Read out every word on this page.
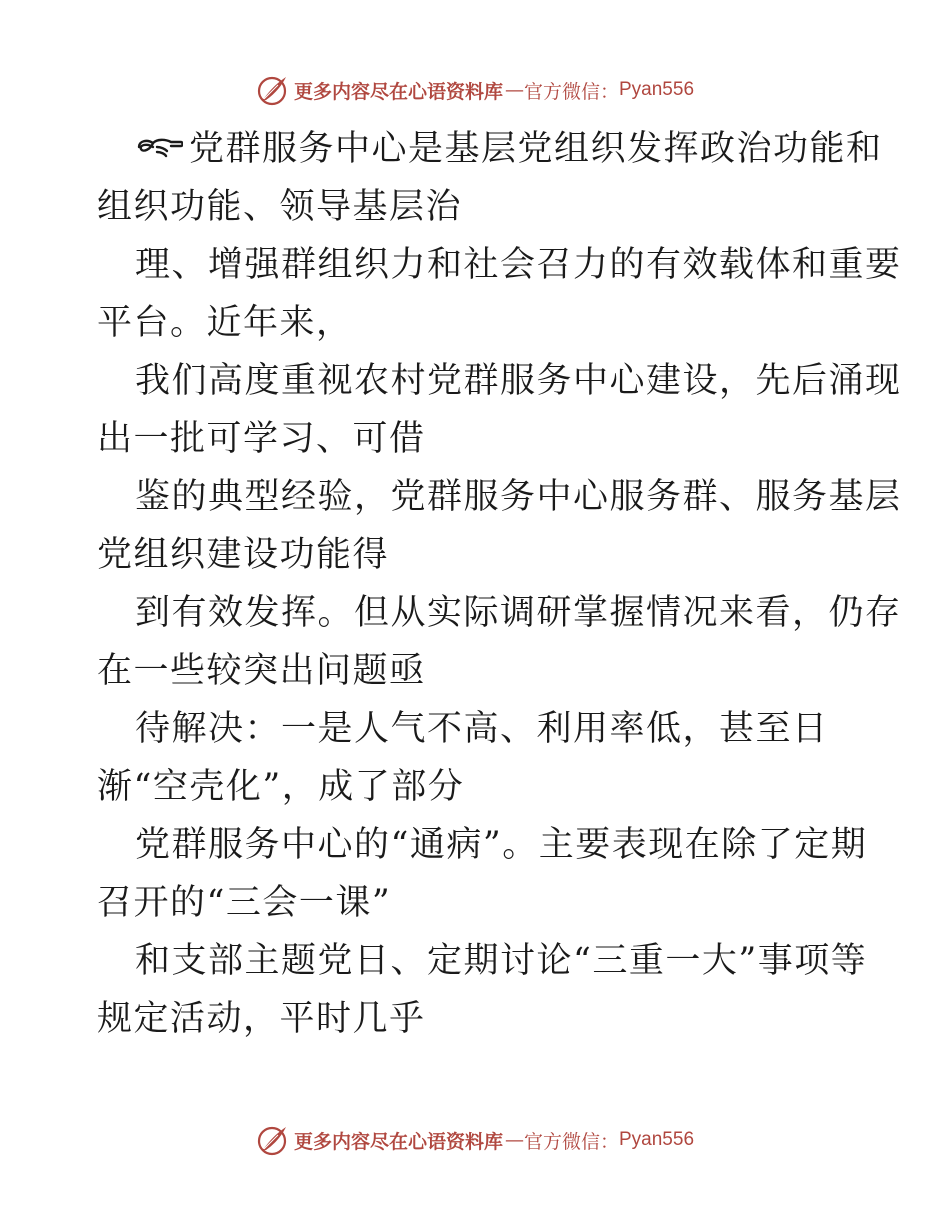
更多内容尽在心语资料库 — 官方微信： Pyan556
党群服务中心是基层党组织发挥政治功能和
组织功能、领导基层治
理、增强群组织力和社会召力的有效载体和重要
平台。近年来，
我们高度重视农村党群服务中心建设，先后涌现
出一批可学习、可借
鉴的典型经验，党群服务中心服务群、服务基层
党组织建设功能得
到有效发挥。但从实际调研掌握情况来看，仍存
在一些较突出问题亟
待解决：一是人气不高、利用率低，甚至日
渐“空壳化”，成了部分
党群服务中心的“通病”。主要表现在除了定期
召开的“三会一课”
和支部主题党日、定期讨论“三重一大”事项等
规定活动，平时几乎
更多内容尽在心语资料库 — 官方微信： Pyan556
